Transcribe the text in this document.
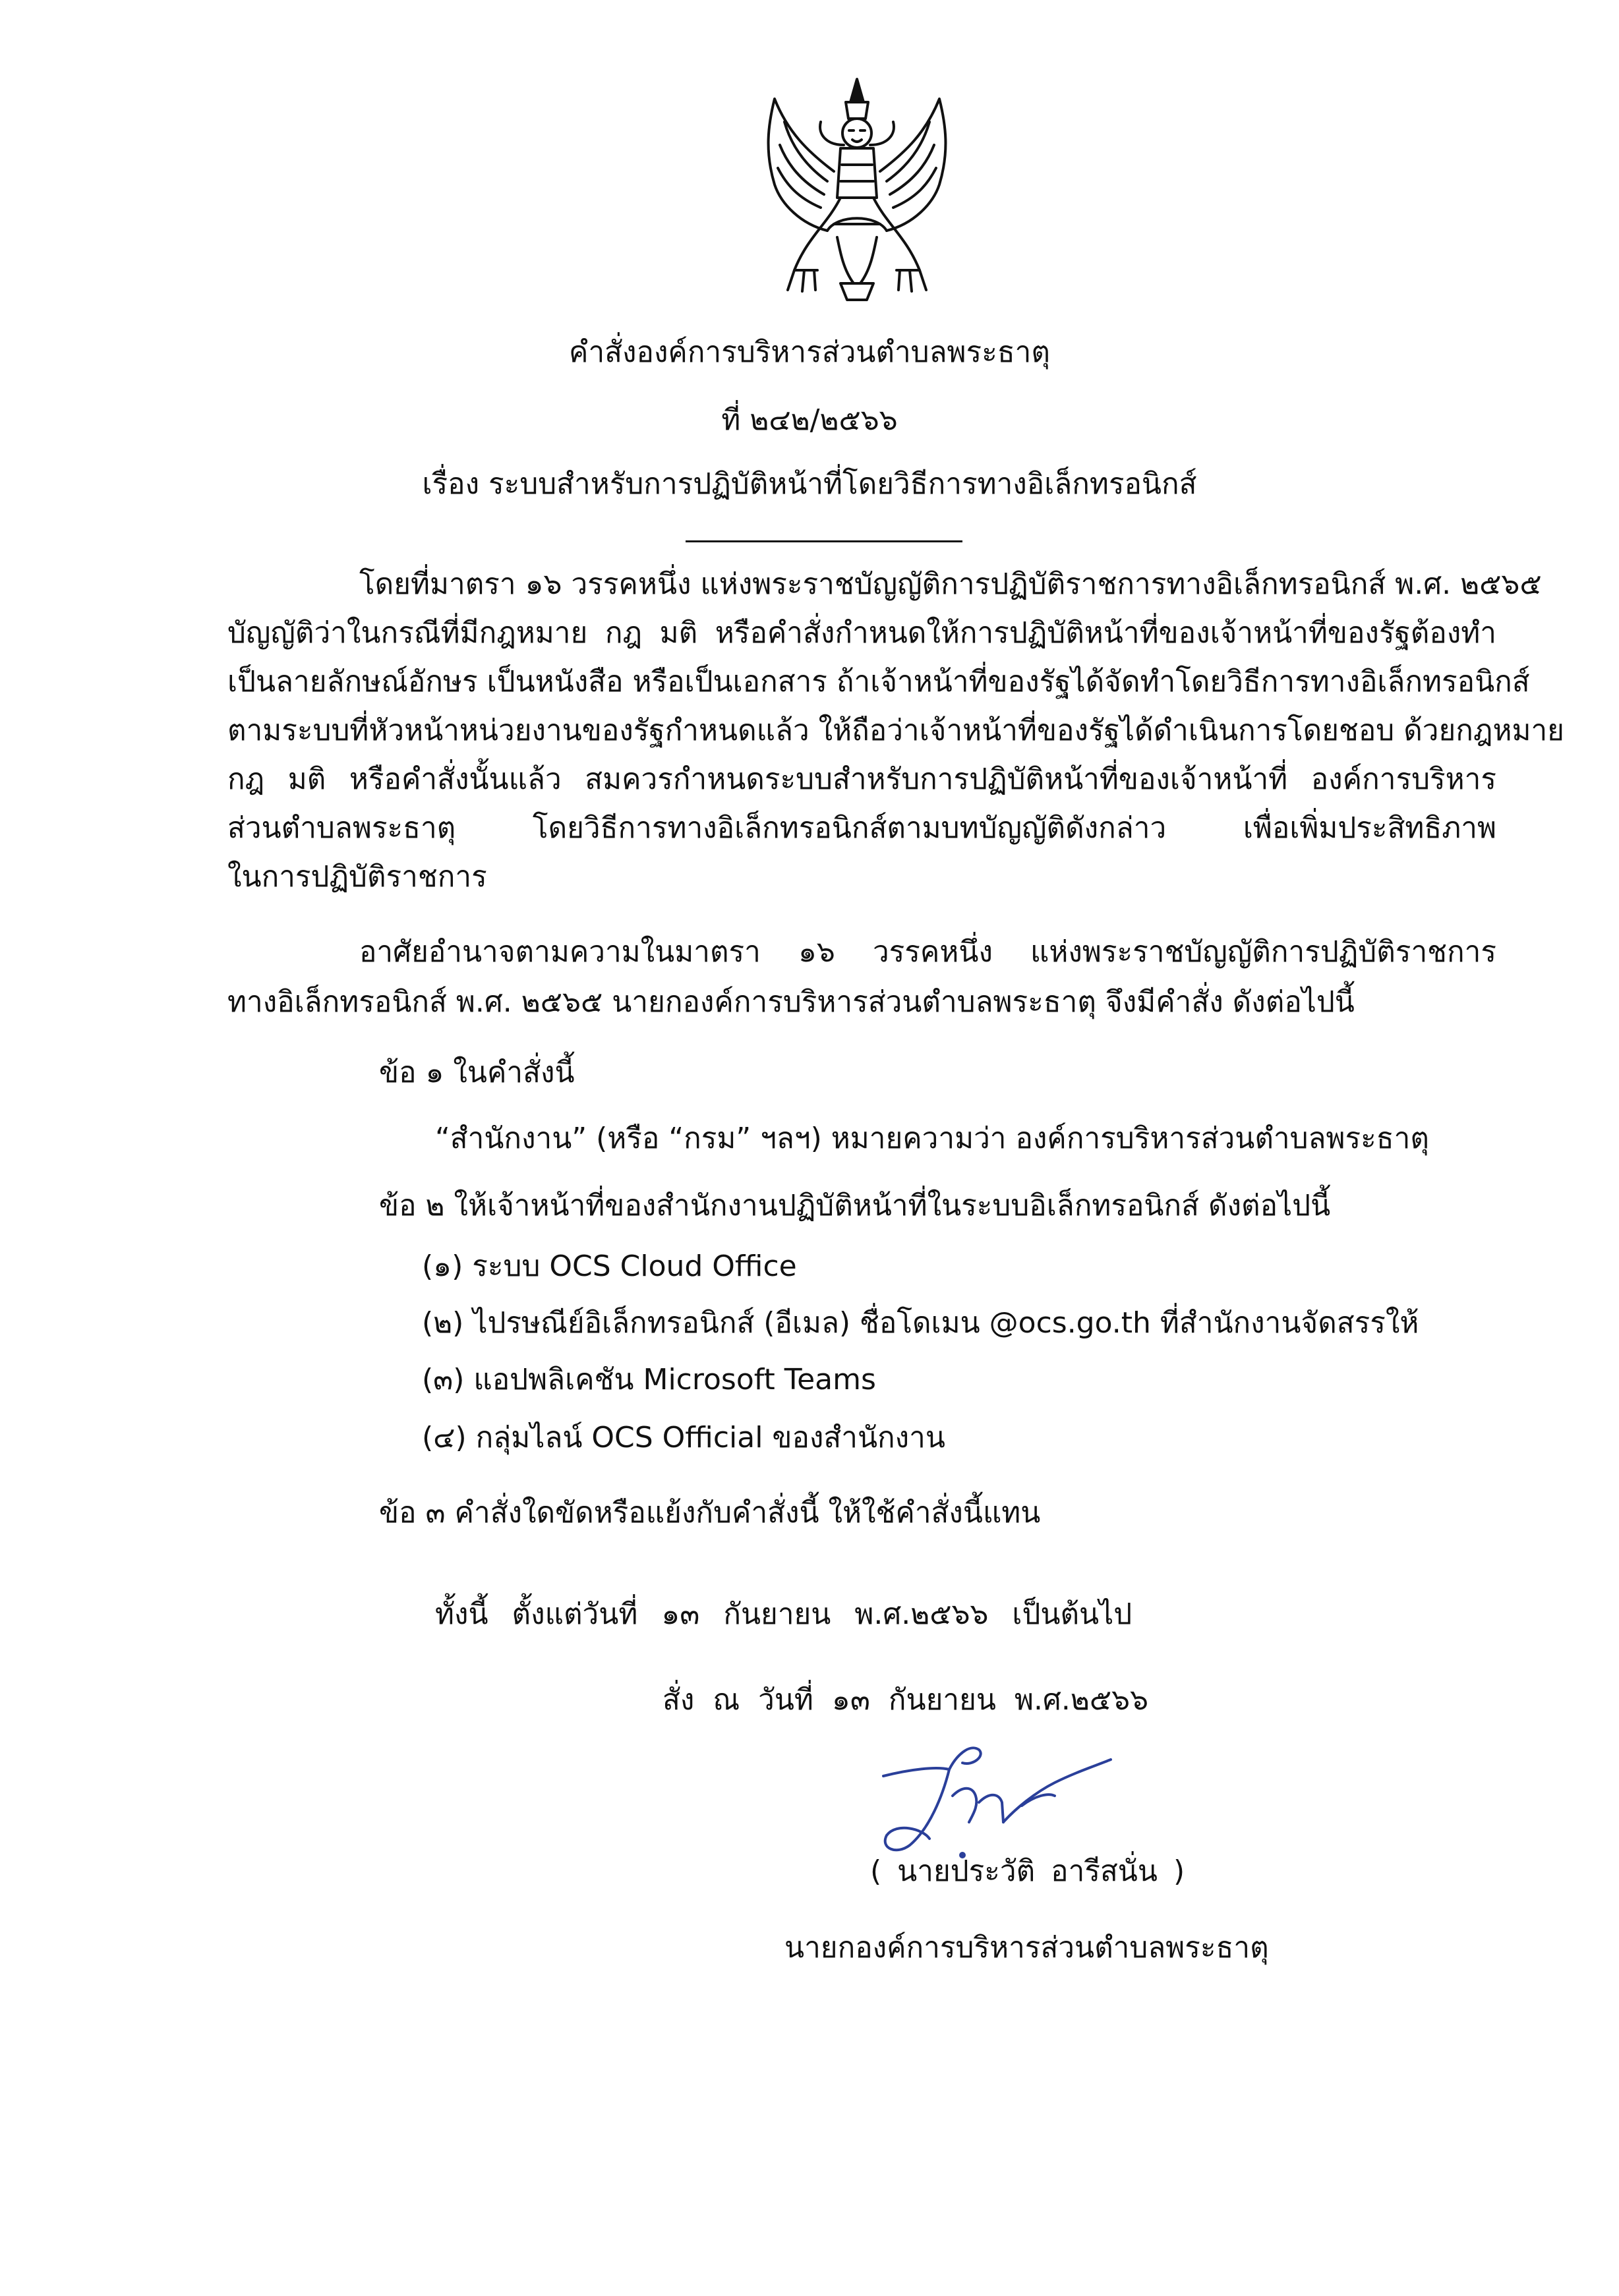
คำสั่งองค์การบริหารส่วนตำบลพระธาตุ
ที่ ๒๔๒/๒๕๖๖
เรื่อง ระบบสำหรับการปฏิบัติหน้าที่โดยวิธีการทางอิเล็กทรอนิกส์
โดยที่มาตรา ๑๖ วรรคหนึ่ง แห่งพระราชบัญญัติการปฏิบัติราชการทางอิเล็กทรอนิกส์ พ.ศ. ๒๕๖๕
บัญญัติว่าในกรณีที่มีกฎหมาย กฎ มติ หรือคำสั่งกำหนดให้การปฏิบัติหน้าที่ของเจ้าหน้าที่ของรัฐต้องทำ
เป็นลายลักษณ์อักษร เป็นหนังสือ หรือเป็นเอกสาร ถ้าเจ้าหน้าที่ของรัฐได้จัดทำโดยวิธีการทางอิเล็กทรอนิกส์
ตามระบบที่หัวหน้าหน่วยงานของรัฐกำหนดแล้ว ให้ถือว่าเจ้าหน้าที่ของรัฐได้ดำเนินการโดยชอบ ด้วยกฎหมาย
กฎ มติ หรือคำสั่งนั้นแล้ว สมควรกำหนดระบบสำหรับการปฏิบัติหน้าที่ของเจ้าหน้าที่ องค์การบริหาร
ส่วนตำบลพระธาตุ โดยวิธีการทางอิเล็กทรอนิกส์ตามบทบัญญัติดังกล่าว เพื่อเพิ่มประสิทธิภาพ
ในการปฏิบัติราชการ
อาศัยอำนาจตามความในมาตรา ๑๖ วรรคหนึ่ง แห่งพระราชบัญญัติการปฏิบัติราชการ
ทางอิเล็กทรอนิกส์ พ.ศ. ๒๕๖๕ นายกองค์การบริหารส่วนตำบลพระธาตุ จึงมีคำสั่ง ดังต่อไปนี้
ข้อ ๑ ในคำสั่งนี้
“สำนักงาน” (หรือ “กรม” ฯลฯ) หมายความว่า องค์การบริหารส่วนตำบลพระธาตุ
ข้อ ๒ ให้เจ้าหน้าที่ของสำนักงานปฏิบัติหน้าที่ในระบบอิเล็กทรอนิกส์ ดังต่อไปนี้
(๑) ระบบ OCS Cloud Office
(๒) ไปรษณีย์อิเล็กทรอนิกส์ (อีเมล) ชื่อโดเมน @ocs.go.th ที่สำนักงานจัดสรรให้
(๓) แอปพลิเคชัน Microsoft Teams
(๔) กลุ่มไลน์ OCS Official ของสำนักงาน
ข้อ ๓ คำสั่งใดขัดหรือแย้งกับคำสั่งนี้ ให้ใช้คำสั่งนี้แทน
ทั้งนี้ ตั้งแต่วันที่ ๑๓ กันยายน พ.ศ.๒๕๖๖ เป็นต้นไป
สั่ง ณ วันที่ ๑๓ กันยายน พ.ศ.๒๕๖๖
( นายประวัติ อารีสนั่น )
นายกองค์การบริหารส่วนตำบลพระธาตุ
